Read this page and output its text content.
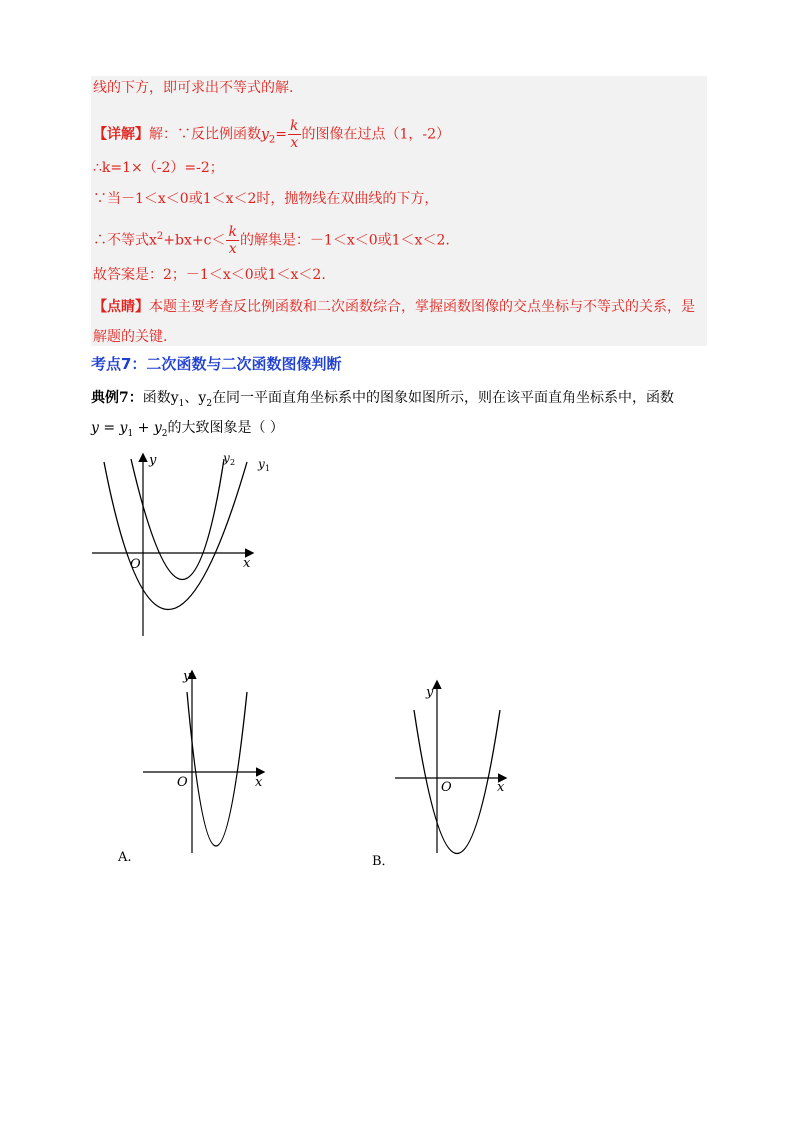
线的下方，即可求出不等式的解.
【详解】解：∵反比例函数$y_2= \frac{k}{x}$ 的图像在过点（1，-2）
∴k=1×（-2）=-2；
∵当－1＜x＜0或1＜x＜2时，抛物线在双曲线的下方，
∴不等式$x^2+bx+c< \frac{k}{x}$ 的解集是：－1＜x＜0或1＜x＜2.
故答案是：2；－1＜x＜0或1＜x＜2.
【点睛】本题主要考查反比例函数和二次函数综合，掌握函数图像的交点坐标与不等式的关系，是
解题的关键.
考点7：二次函数与二次函数图像判断
典例7：函数$y_1$、$y_2$在同一平面直角坐标系中的图象如图所示，则在该平面直角坐标系中，函数
$y = y_1 + y_2$的大致图象是（ ）
y
x
O
y 2 y 1
y
x
O
y
x
O
A.	B．
